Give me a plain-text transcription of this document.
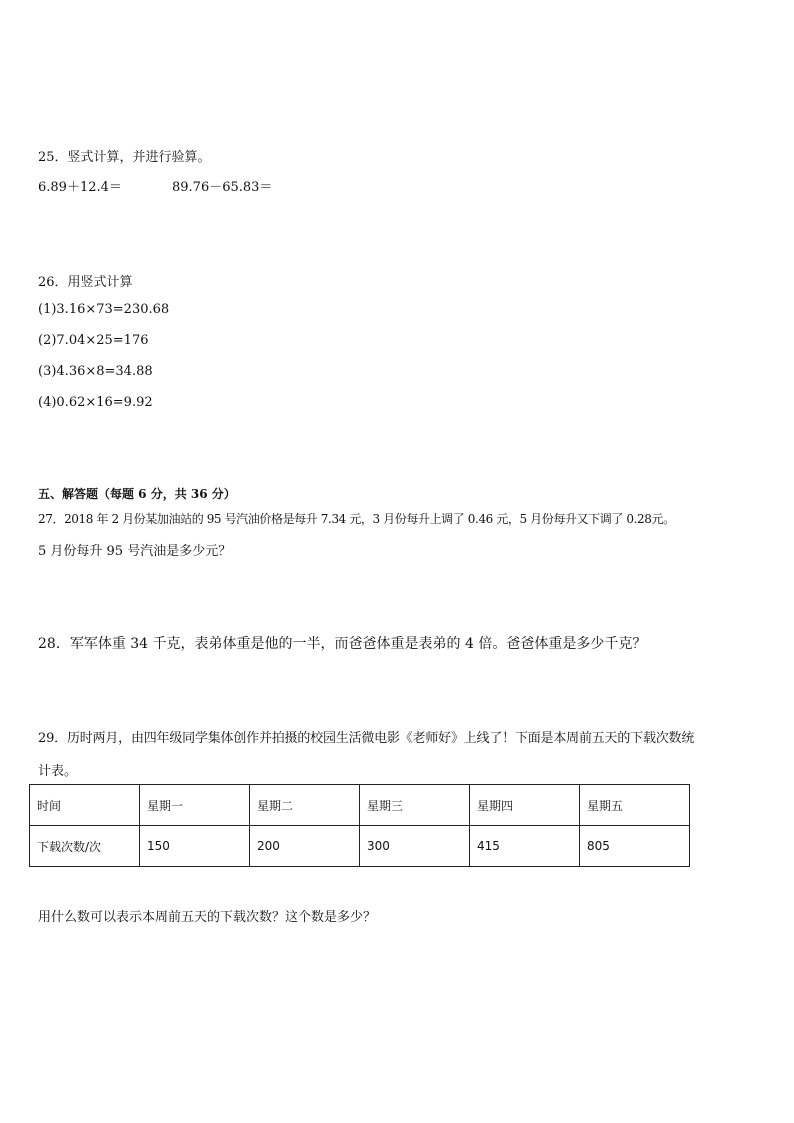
25．竖式计算，并进行验算。
6.89＋12.4＝	89.76－65.83＝
26．用竖式计算
(1)3.16×73=230.68
(2)7.04×25=176
(3)4.36×8=34.88
(4)0.62×16=9.92
五、解答题（每题 6 分，共 36 分）
27．2018 年 2 月份某加油站的 95 号汽油价格是每升 7.34 元，3 月份每升上调了 0.46 元，5 月份每升又下调了 0.28元。
5 月份每升 95 号汽油是多少元？
28．军军体重 34 千克，表弟体重是他的一半，而爸爸体重是表弟的 4 倍。爸爸体重是多少千克？
29．历时两月，由四年级同学集体创作并拍摄的校园生活微电影《老师好》上线了！下面是本周前五天的下载次数统
计表。
时间	星期一	星期二	星期三	星期四	星期五
下载次数/次	150	200	300	415	805
用什么数可以表示本周前五天的下载次数？这个数是多少？
